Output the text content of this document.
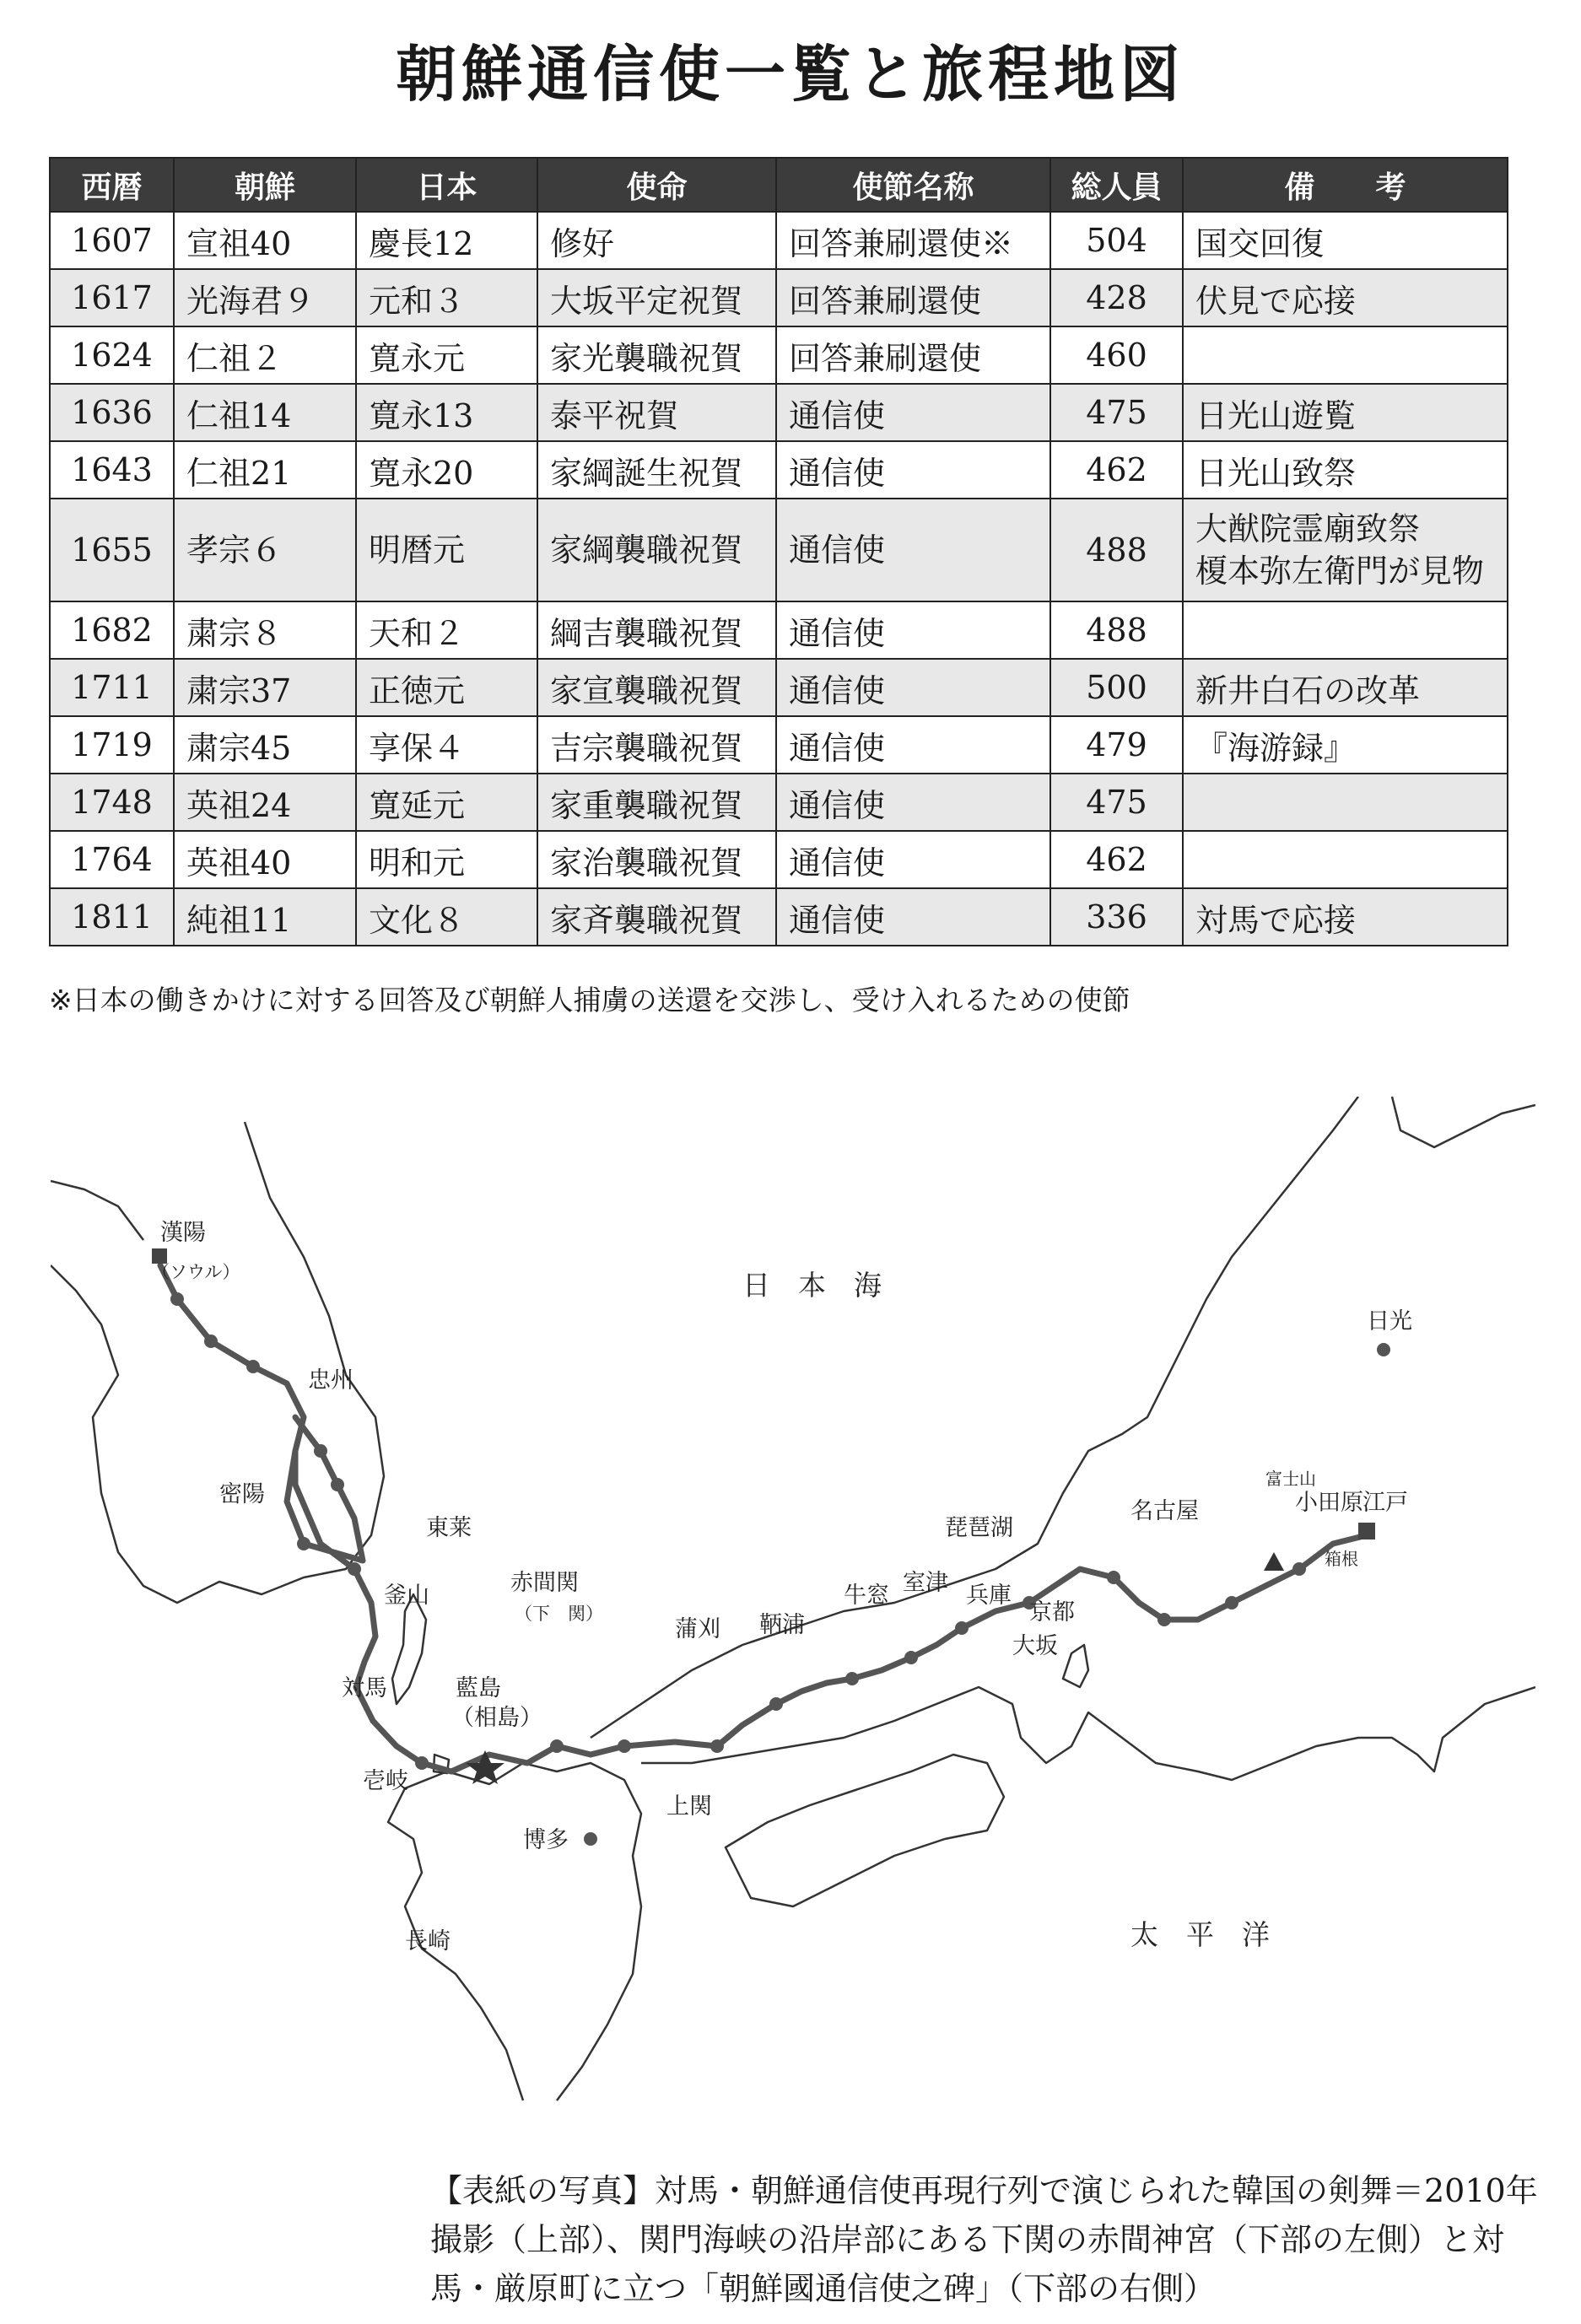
朝鮮通信使一覧と旅程地図
西暦	朝鮮	日本	使命	使節名称	総人員	備　　考
1607	宣祖40	慶長12	修好	回答兼刷還使※	504	国交回復
1617	光海君９	元和３	大坂平定祝賀	回答兼刷還使	428	伏見で応接
1624	仁祖２	寛永元	家光襲職祝賀	回答兼刷還使	460	
1636	仁祖14	寛永13	泰平祝賀	通信使	475	日光山遊覧
1643	仁祖21	寛永20	家綱誕生祝賀	通信使	462	日光山致祭
1655	孝宗６	明暦元	家綱襲職祝賀	通信使	488	大猷院霊廟致祭
榎本弥左衛門が見物

1682	粛宗８	天和２	綱吉襲職祝賀	通信使	488	
1711	粛宗37	正徳元	家宣襲職祝賀	通信使	500	新井白石の改革
1719	粛宗45	享保４	吉宗襲職祝賀	通信使	479	『海游録』
1748	英祖24	寛延元	家重襲職祝賀	通信使	475	
1764	英祖40	明和元	家治襲職祝賀	通信使	462	
1811	純祖11	文化８	家斉襲職祝賀	通信使	336	対馬で応接
※日本の働きかけに対する回答及び朝鮮人捕虜の送還を交渉し、受け入れるための使節
漢陽
（ソウル）
忠州
密陽
東莱
釜山
対馬	藍島
（相島）
壱岐
博多
長崎
赤間関
（下　関）
上関
蒲刈 鞆浦
牛窓 室津 兵庫
大坂
京都
琵琶湖
名古屋
富士山
小田原
箱根
江戸
日光
日　本　海
太　平　洋
【表紙の写真】対馬・朝鮮通信使再現行列で演じられた韓国の剣舞＝2010年撮影（上部）、関門海峡の沿岸部にある下関の赤間神宮（下部の左側）と対馬・厳原町に立つ「朝鮮國通信使之碑」（下部の右側）
